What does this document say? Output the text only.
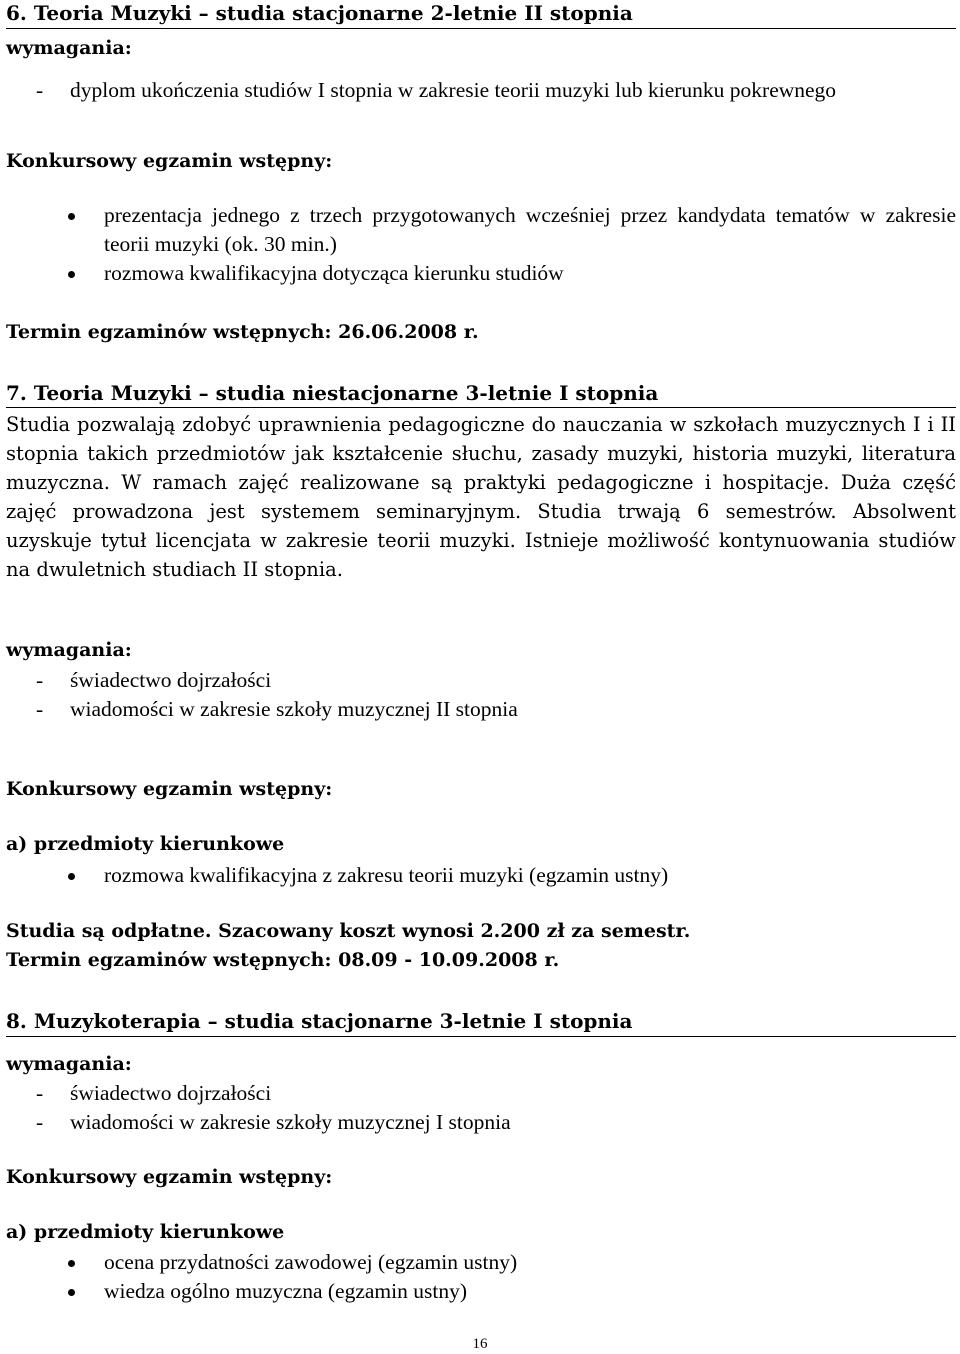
6. Teoria Muzyki – studia stacjonarne 2-letnie II stopnia

wymagania:

- dyplom ukończenia studiów I stopnia w zakresie teorii muzyki lub kierunku pokrewnego

Konkursowy egzamin wstępny:

prezentacja jednego z trzech przygotowanych wcześniej przez kandydata tematów w zakresie teorii muzyki (ok. 30 min.)
rozmowa kwalifikacyjna dotycząca kierunku studiów

Termin egzaminów wstępnych: 26.06.2008 r.

7. Teoria Muzyki – studia niestacjonarne 3-letnie I stopnia

Studia pozwalają zdobyć uprawnienia pedagogiczne do nauczania w szkołach muzycznych I i II stopnia takich przedmiotów jak kształcenie słuchu, zasady muzyki, historia muzyki, literatura muzyczna. W ramach zajęć realizowane są praktyki pedagogiczne i hospitacje. Duża część zajęć prowadzona jest systemem seminaryjnym. Studia trwają 6 semestrów. Absolwent uzyskuje tytuł licencjata w zakresie teorii muzyki. Istnieje możliwość kontynuowania studiów na dwuletnich studiach II stopnia.

wymagania:

- świadectwo dojrzałości
- wiadomości w zakresie szkoły muzycznej II stopnia

Konkursowy egzamin wstępny:

a) przedmioty kierunkowe

rozmowa kwalifikacyjna z zakresu teorii muzyki (egzamin ustny)

Studia są odpłatne. Szacowany koszt wynosi 2.200 zł za semestr.

Termin egzaminów wstępnych: 08.09 - 10.09.2008 r.

8. Muzykoterapia – studia stacjonarne 3-letnie I stopnia

wymagania:

- świadectwo dojrzałości
- wiadomości w zakresie szkoły muzycznej I stopnia

Konkursowy egzamin wstępny:

a) przedmioty kierunkowe

ocena przydatności zawodowej (egzamin ustny)
wiedza ogólno muzyczna (egzamin ustny)
16
